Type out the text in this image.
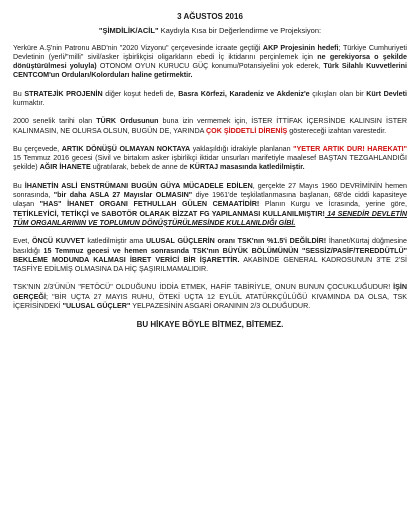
3 AĞUSTOS 2016
"ŞİMDİLİK/ACİL" Kaydıyla Kısa bir Değerlendirme ve Projeksiyon:

Yerküre A.Ş'nin Patronu ABD'nin "2020 Vizyonu" çerçevesinde icraate geçtiği AKP Projesinin hedefi; Türkiye Cumhuriyeti Devletinin (yerli/"milli" sivil/asker işbirlikçisi oligarkların ebedi İç iktidarını perçinlemek için ne gerekiyorsa o şekilde dönüştürülmesi yoluyla) OTONOM OYUN KURUCU GÜÇ konumu/Potansiyelini yok ederek, Türk Silahlı Kuvvetlerini CENTCOM'un Orduları/Kolorduları haline getirmektir.

Bu STRATEJİK PROJENİN diğer koşut hedefi de, Basra Körfezi, Karadeniz ve Akdeniz'e çıkışları olan bir Kürt Devleti kurmaktır.

2000 senelik tarihi olan TÜRK Ordusunun buna izin vermemek için, İSTER İTTİFAK İÇERSİNDE KALINSIN İSTER KALINMASIN, NE OLURSA OLSUN, BUGÜN DE, YARINDA ÇOK ŞİDDETLİ DİRENİŞ göstereceği izahtan varestedir.

Bu çerçevede, ARTIK DÖNÜŞÜ OLMAYAN NOKTAYA yaklaşıldığı idrakiyle planlanan "YETER ARTIK DUR! HAREKATI" 15 Temmuz 2016 gecesi (Sivil ve birtakım asker işbirlikçi iktidar unsurları marifetiyle maalesef BAŞTAN TEZGAHLANDIĞI şekilde) AĞIR İHANETE uğratılarak, bebek de anne de KÜRTAJ masasında katledilmiştir.

Bu İHANETİN ASLİ ENSTRÜMANI BUGÜN GÜYA MÜCADELE EDİLEN, gerçekte 27 Mayıs 1960 DEVRİMİNİN hemen sonrasında, "bir daha ASLA 27 Mayıslar OLMASIN" diye 1961'de teşkilatlanmasına başlanan, 68'de ciddi kapasiteye ulaşan "HAS" İHANET ORGANI FETHULLAH GÜLEN CEMAATİDİR! Planın Kurgu ve İcrasında, yerine göre, TETİKLEYİCİ, TETİKÇİ ve SABOTÖR OLARAK BİZZAT FG YAPILANMASI KULLANILMIŞTIR! 14 SENEDİR DEVLETİN TÜM ORGANLARININ VE TOPLUMUN DÖNÜŞTÜRÜLMESİNDE KULLANILDIĞI GİBİ.

Evet, ÖNCÜ KUVVET katledilmiştir ama ULUSAL GÜÇLERİN oranı TSK'nın %1.5'i DEĞİLDİR! İhanet/Kürtaj düğmesine basıldığı 15 Temmuz gecesi ve hemen sonrasında TSK'nın BÜYÜK BÖLÜMÜNÜN "SESSİZ/PASİF/TEREDDÜTLÜ" BEKLEME MODUNDA KALMASI İBRET VERİCİ BİR İŞARETTİR. AKABİNDE GENERAL KADROSUNUN 3'TE 2'Sİ TASFİYE EDİLMİŞ OLMASINA DA HİÇ ŞAŞIRILMAMALIDIR.

TSK'NIN 2/3'ÜNÜN "FETÖCÜ" OLDUĞUNU İDDİA ETMEK, HAFİF TABİRİYLE, ONUN BUNUN ÇOCUKLUĞUDUR! İŞİN GERÇEĞİ; "BİR UÇTA 27 MAYIS RUHU, ÖTEKİ UÇTA 12 EYLÜL ATATÜRKÇÜLÜĞÜ KIVAMINDA DA OLSA, TSK İÇERİSİNDEKİ "ULUSAL GÜÇLER" YELPAZESİNİN ASGARİ ORANININ 2/3 OLDUĞUDUR.

BU HİKAYE BÖYLE BİTMEZ, BİTEMEZ.
